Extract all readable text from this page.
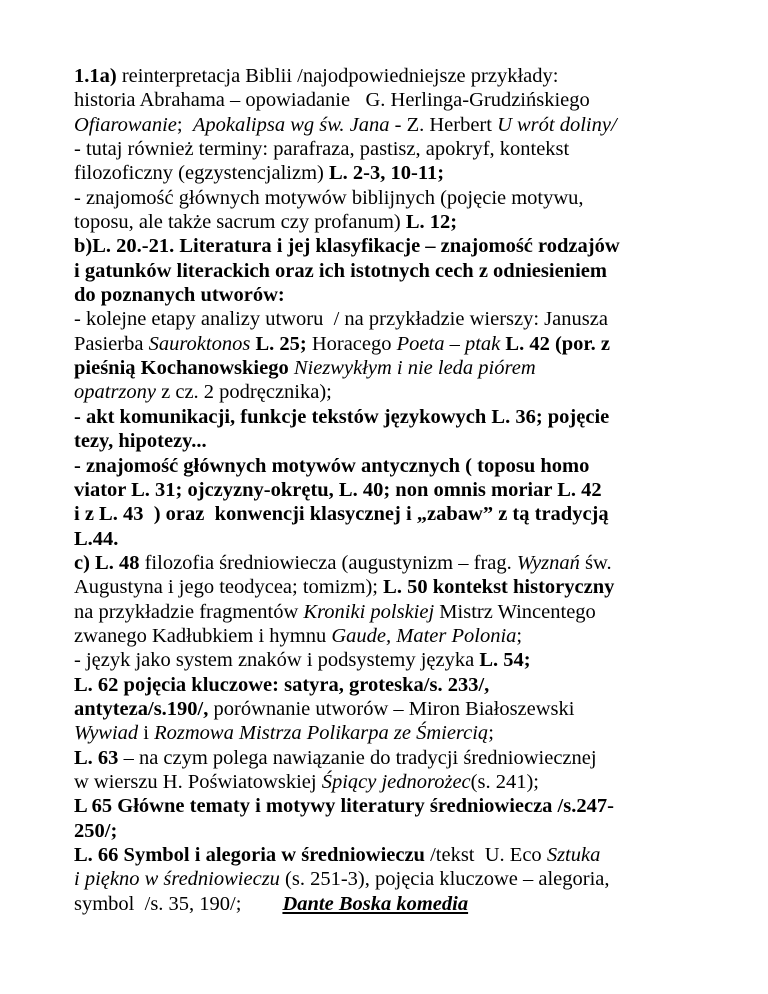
1.1a) reinterpretacja Biblii /najodpowiedniejsze przykłady:
historia Abrahama – opowiadanie   G. Herlinga-Grudzińskiego
Ofiarowanie;  Apokalipsa wg św. Jana - Z. Herbert U wrót doliny/
- tutaj również terminy: parafraza, pastisz, apokryf, kontekst
filozoficzny (egzystencjalizm) L. 2-3, 10-11;
- znajomość głównych motywów biblijnych (pojęcie motywu,
toposu, ale także sacrum czy profanum) L. 12;
b)L. 20.-21. Literatura i jej klasyfikacje – znajomość rodzajów
i gatunków literackich oraz ich istotnych cech z odniesieniem
do poznanych utworów:
- kolejne etapy analizy utworu  / na przykładzie wierszy: Janusza
Pasierba Sauroktonos L. 25; Horacego Poeta – ptak L. 42 (por. z
pieśnią Kochanowskiego Niezwykłym i nie leda piórem
opatrzony z cz. 2 podręcznika);
- akt komunikacji, funkcje tekstów językowych L. 36; pojęcie
tezy, hipotezy...
- znajomość głównych motywów antycznych ( toposu homo
viator L. 31; ojczyzny-okrętu, L. 40; non omnis moriar L. 42
i z L. 43  ) oraz  konwencji klasycznej i „zabaw” z tą tradycją
L.44.
c) L. 48 filozofia średniowiecza (augustynizm – frag. Wyznań św.
Augustyna i jego teodycea; tomizm); L. 50 kontekst historyczny
na przykładzie fragmentów Kroniki polskiej Mistrz Wincentego
zwanego Kadłubkiem i hymnu Gaude, Mater Polonia;
- język jako system znaków i podsystemy języka L. 54;
L. 62 pojęcia kluczowe: satyra, groteska/s. 233/,
antyteza/s.190/, porównanie utworów – Miron Białoszewski
Wywiad i Rozmowa Mistrza Polikarpa ze Śmiercią;
L. 63 – na czym polega nawiązanie do tradycji średniowiecznej
w wierszu H. Poświatowskiej Śpiący jednorożec(s. 241);
L 65 Główne tematy i motywy literatury średniowiecza /s.247-
250/;
L. 66 Symbol i alegoria w średniowieczu /tekst  U. Eco Sztuka
i piękno w średniowieczu (s. 251-3), pojęcia kluczowe – alegoria,
symbol  /s. 35, 190/;        Dante Boska komedia
